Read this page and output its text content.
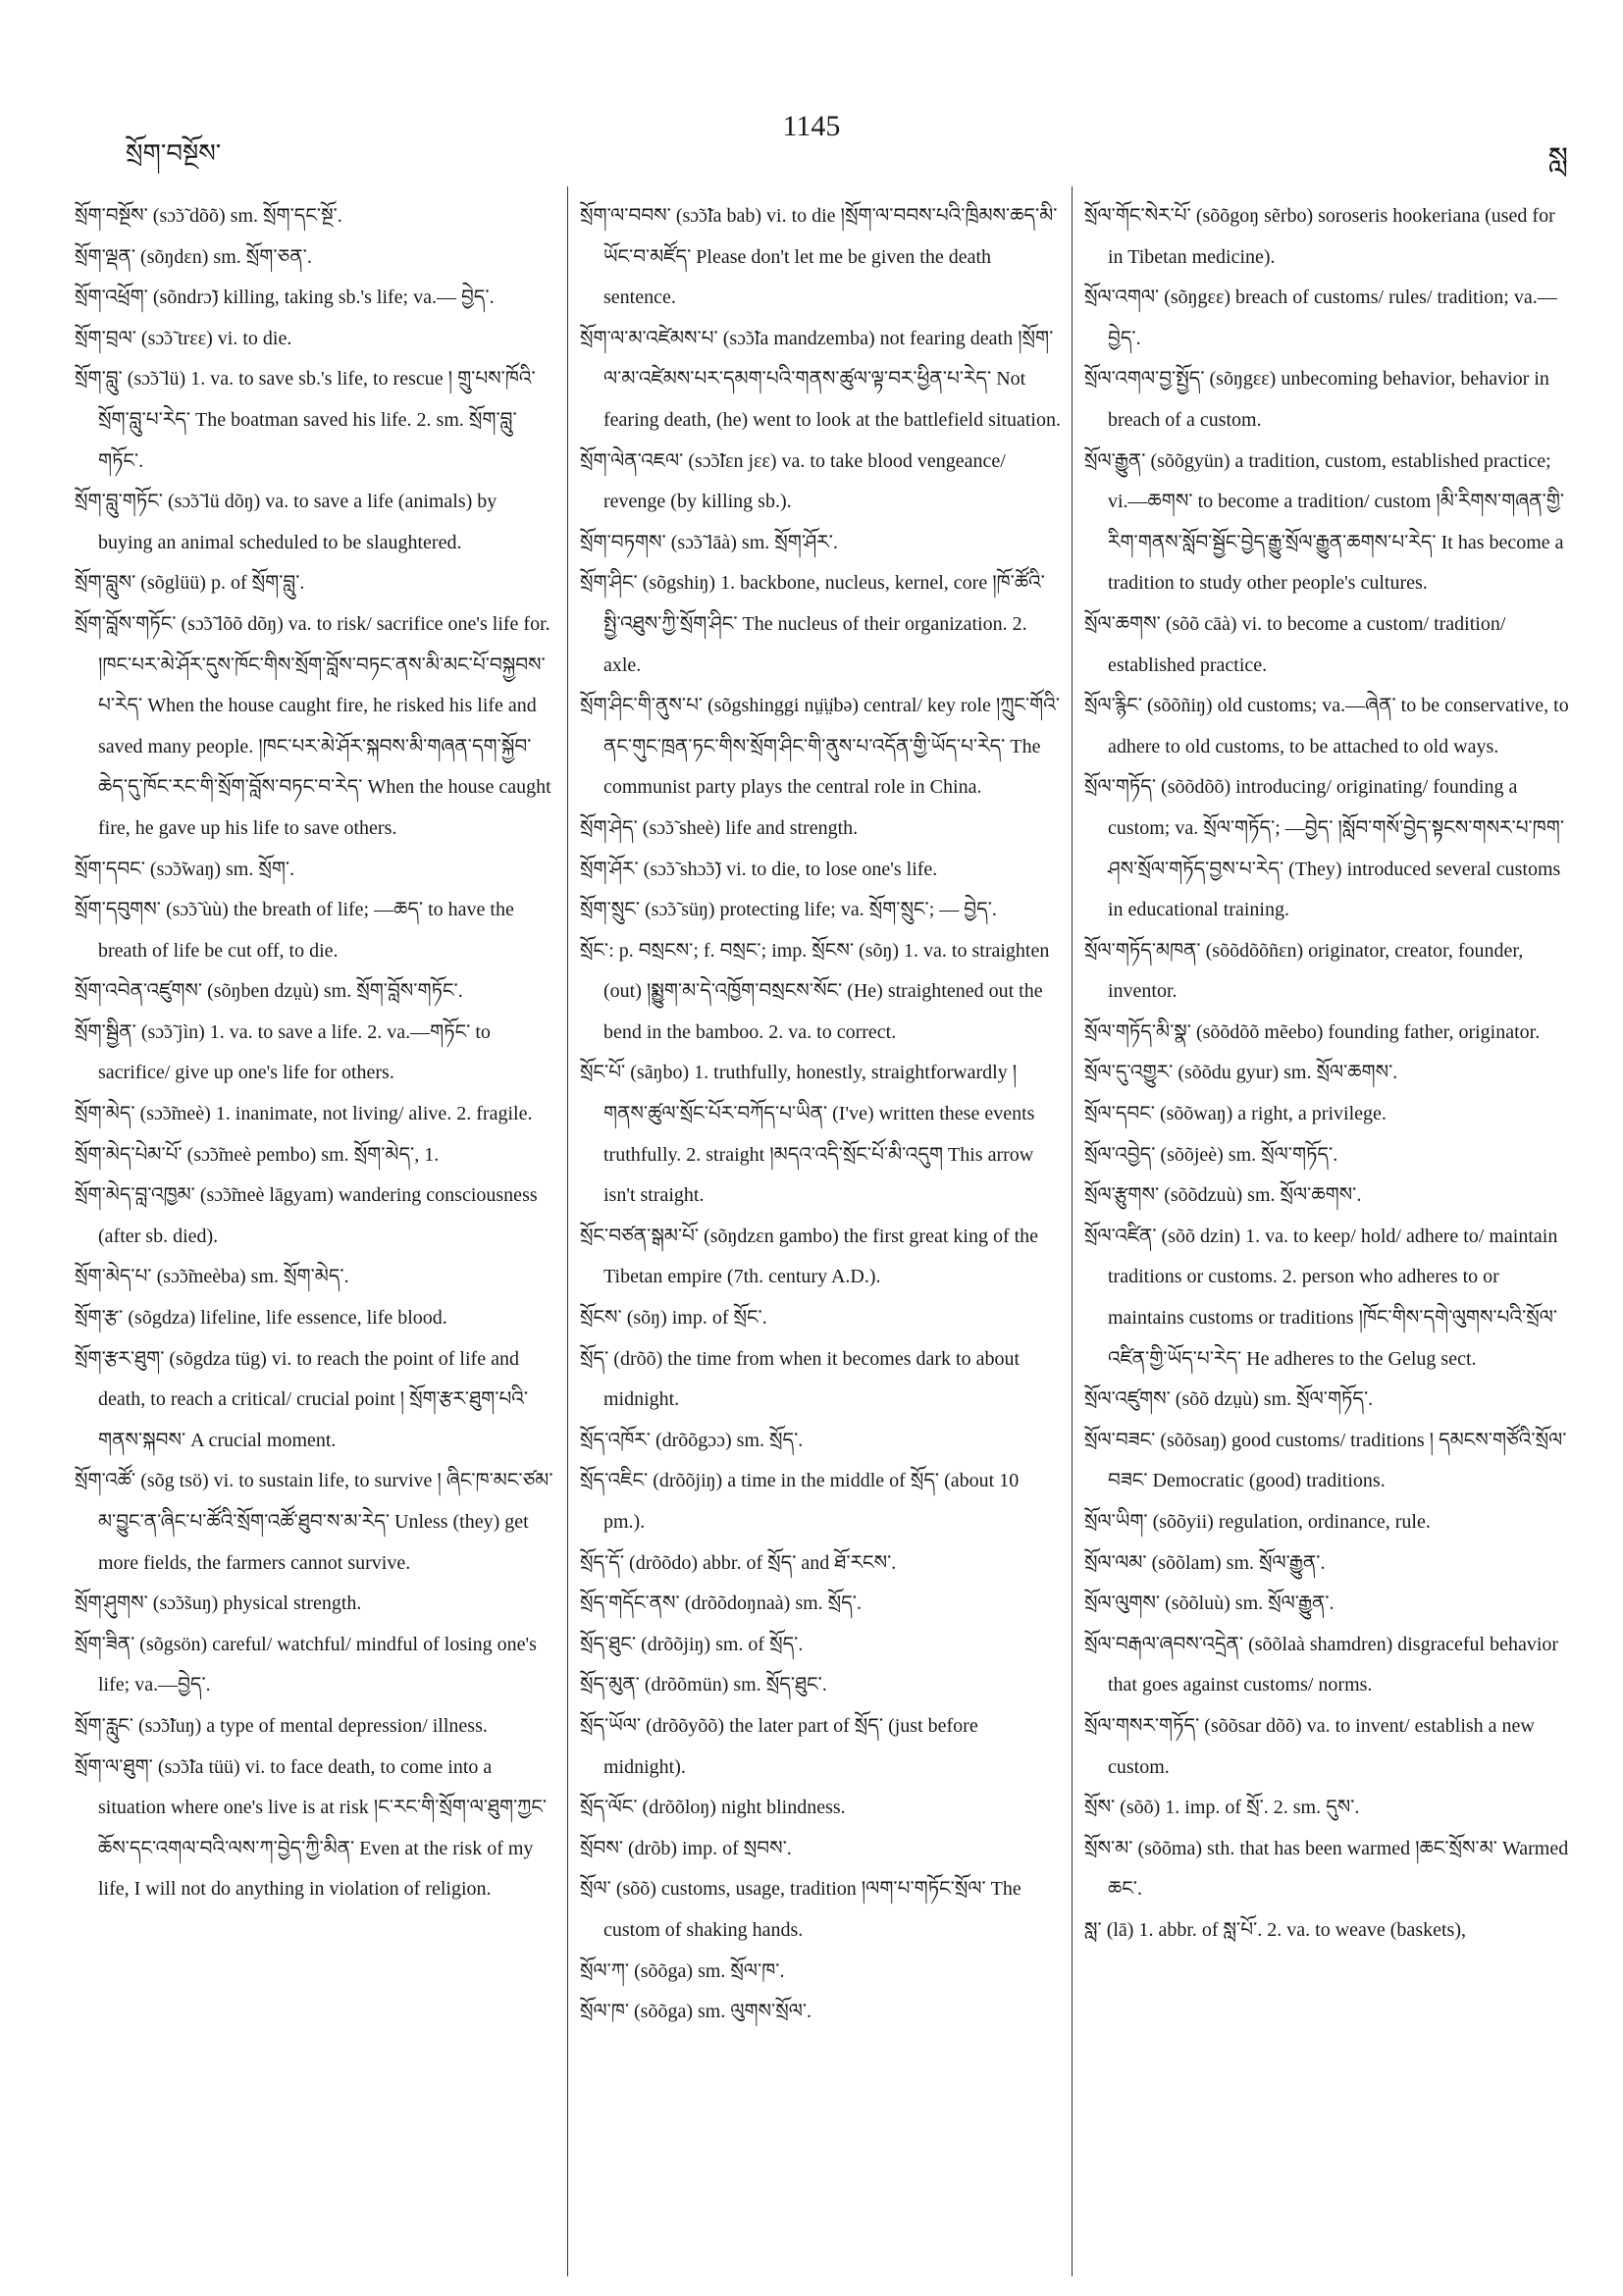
སྲོག་བསྔོས་
1145
སླ

སྲོག་བསྔོས་ (sɔ̃ɔ̃ dõõ) sm. སྲོག་དང་སྔོ་.

སྲོག་ལྡན་ (sõŋdɛn) sm. སྲོག་ཅན་.

སྲོག་འཕྲོག་ (sõndrɔ̃) killing, taking sb.'s life; va.— བྱེད་.

སྲོག་བྲལ་ (sɔ̃ɔ̃ trɛɛ) vi. to die.

སྲོག་བླུ་ (sɔ̃ɔ̃ lü) 1. va. to save sb.'s life, to rescue ། གྲུ་པས་ཁོའི་སྲོག་བླུ་པ་རེད་ The boatman saved his life. 2. sm. སྲོག་བླུ་གཏོང་.

སྲོག་བླུ་གཏོང་ (sɔ̃ɔ̃ lü dõŋ) va. to save a life (animals) by buying an animal scheduled to be slaughtered.

སྲོག་བླུས་ (sõglüü) p. of སྲོག་བླུ་.

སྲོག་བློས་གཏོང་ (sɔ̃ɔ̃ lõõ dõŋ) va. to risk/ sacrifice one's life for. །ཁང་པར་མེ་ཤོར་དུས་ཁོང་གིས་སྲོག་བློས་བཏང་ནས་མི་མང་པོ་བསྐྱབས་པ་རེད་ When the house caught fire, he risked his life and saved many people. །ཁང་པར་མེ་ཤོར་སྐབས་མི་གཞན་དག་སྐྱོབ་ཆེད་དུ་ཁོང་རང་གི་སྲོག་བློས་བཏང་བ་རེད་ When the house caught fire, he gave up his life to save others.

སྲོག་དབང་ (sɔ̃ɔ̃waŋ) sm. སྲོག་.

སྲོག་དབུགས་ (sɔ̃ɔ̃ ùù) the breath of life; —ཆད་ to have the breath of life be cut off, to die.

སྲོག་འབེན་འཛུགས་ (sõŋben dzṳù) sm. སྲོག་བློས་གཏོང་.

སྲོག་སྦྱིན་ (sɔ̃ɔ̃ jìn) 1. va. to save a life. 2. va.—གཏོང་ to sacrifice/ give up one's life for others.

སྲོག་མེད་ (sɔ̃ɔ̃meè) 1. inanimate, not living/ alive. 2. fragile.

སྲོག་མེད་པེམ་པོ་ (sɔ̃ɔ̃meè pembo) sm. སྲོག་མེད་, 1.

སྲོག་མེད་བླ་འཁྱམ་ (sɔ̃ɔ̃meè lāgyam) wandering consciousness (after sb. died).

སྲོག་མེད་པ་ (sɔ̃ɔ̃meèba) sm. སྲོག་མེད་.

སྲོག་རྩ་ (sõgdza) lifeline, life essence, life blood.

སྲོག་རྩར་ཐུག་ (sõgdza tüg) vi. to reach the point of life and death, to reach a critical/ crucial point ། སྲོག་རྩར་ཐུག་པའི་གནས་སྐབས་ A crucial moment.

སྲོག་འཚོ་ (sõg tsö) vi. to sustain life, to survive ། ཞིང་ཁ་མང་ཙམ་མ་བྱུང་ན་ཞིང་པ་ཚོའི་སྲོག་འཚོ་ཐུབ་ས་མ་རེད་ Unless (they) get more fields, the farmers cannot survive.

སྲོག་ཤུགས་ (sɔ̃ɔ̃suŋ) physical strength.

སྲོག་ཟིན་ (sõgsön) careful/ watchful/ mindful of losing one's life; va.—བྱེད་.

སྲོག་རླུང་ (sɔ̃ɔ̃luŋ) a type of mental depression/ illness.

སྲོག་ལ་ཐུག་ (sɔ̃ɔ̃la tüü) vi. to face death, to come into a situation where one's live is at risk །ང་རང་གི་སྲོག་ལ་ཐུག་ཀྱང་ཆོས་དང་འགལ་བའི་ལས་ཀ་བྱེད་ཀྱི་མིན་ Even at the risk of my life, I will not do anything in violation of religion.

སྲོག་ལ་བབས་ (sɔ̃ɔ̃la bab) vi. to die །སྲོག་ལ་བབས་པའི་ཁྲིམས་ཆད་མི་ཡོང་བ་མཛོད་ Please don't let me be given the death sentence.

སྲོག་ལ་མ་འཛེམས་པ་ (sɔ̃ɔ̃la mandzemba) not fearing death །སྲོག་ལ་མ་འཛེམས་པར་དམག་པའི་གནས་ཚུལ་ལྟ་བར་ཕྱིན་པ་རེད་ Not fearing death, (he) went to look at the battlefield situation.

སྲོག་ལེན་འཇལ་ (sɔ̃ɔ̃lɛn jɛɛ) va. to take blood vengeance/ revenge (by killing sb.).

སྲོག་བཏགས་ (sɔ̃ɔ̃ lāà) sm. སྲོག་ཤོར་.

སྲོག་ཤིང་ (sõgshiŋ) 1. backbone, nucleus, kernel, core །ཁོ་ཚོའི་སྤྱི་འཐུས་ཀྱི་སྲོག་ཤིང་ The nucleus of their organization. 2. axle.

སྲོག་ཤིང་གི་ནུས་པ་ (sõgshinggi nṳ̈ṳ̈bə) central/ key role །ཀྲུང་གོའི་ནང་གུང་ཁྲན་ཏང་གིས་སྲོག་ཤིང་གི་ནུས་པ་འདོན་གྱི་ཡོད་པ་རེད་ The communist party plays the central role in China.

སྲོག་ཤེད་ (sɔ̃ɔ̃ sheè) life and strength.

སྲོག་ཤོར་ (sɔ̃ɔ̃ shɔ̃ɔ̃) vi. to die, to lose one's life.

སྲོག་སྲུང་ (sɔ̃ɔ̃ süŋ) protecting life; va. སྲོག་སྲུང་; — བྱེད་.

སྲོང་: p. བསྲངས་; f. བསྲང་; imp. སྲོངས་ (sõŋ) 1. va. to straighten (out) །སྨྱུག་མ་དེ་འཁྱོག་བསྲངས་སོང་ (He) straightened out the bend in the bamboo. 2. va. to correct.

སྲོང་པོ་ (sãŋbo) 1. truthfully, honestly, straightforwardly །གནས་ཚུལ་སྲོང་པོར་བཀོད་པ་ཡིན་ (I've) written these events truthfully. 2. straight །མདའ་འདི་སྲོང་པོ་མི་འདུག This arrow isn't straight.

སྲོང་བཙན་སྒམ་པོ་ (sõŋdzɛn gambo) the first great king of the Tibetan empire (7th. century A.D.).

སྲོངས་ (sõŋ) imp. of སྲོང་.

སྲོད་ (drõõ) the time from when it becomes dark to about midnight.

སྲོད་འཁོར་ (drõõgɔɔ) sm. སྲོད་.

སྲོད་འཇིང་ (drõõjiŋ) a time in the middle of སྲོད་ (about 10 pm.).

སྲོད་དོ་ (drõõdo) abbr. of སྲོད་ and ཐོ་རངས་.

སྲོད་གདོང་ནས་ (drõõdoŋnaà) sm. སྲོད་.

སྲོད་ཐུང་ (drõõjiŋ) sm. of སྲོད་.

སྲོད་མུན་ (drõõmün) sm. སྲོད་ཐུང་.

སྲོད་ཡོལ་ (drõõyõõ) the later part of སྲོད་ (just before midnight).

སྲོད་ལོང་ (drõõloŋ) night blindness.

སྲོབས་ (drõb) imp. of སྲབས་.

སྲོལ་ (sõõ) customs, usage, tradition །ལག་པ་གཏོང་སྲོལ་ The custom of shaking hands.

སྲོལ་ཀ་ (sõõga) sm. སྲོལ་ཁ་.

སྲོལ་ཁ་ (sõõga) sm. ལུགས་སྲོལ་.

སྲོལ་གོང་སེར་པོ་ (sõõgoŋ sẽrbo) soroseris hookeriana (used for in Tibetan medicine).

སྲོལ་འགལ་ (sõŋgɛɛ) breach of customs/ rules/ tradition; va.—བྱེད་.

སྲོལ་འགལ་བྱ་སྤྱོད་ (sõŋgɛɛ) unbecoming behavior, behavior in breach of a custom.

སྲོལ་རྒྱུན་ (sõõgyün) a tradition, custom, established practice; vi.—ཆགས་ to become a tradition/ custom །མི་རིགས་གཞན་གྱི་རིག་གནས་སློབ་སྦྱོང་བྱེད་རྒྱུ་སྲོལ་རྒྱུན་ཆགས་པ་རེད་ It has become a tradition to study other people's cultures.

སྲོལ་ཆགས་ (sõõ cāà) vi. to become a custom/ tradition/ established practice.

སྲོལ་རྙིང་ (sõõñiŋ) old customs; va.—ཞེན་ to be conservative, to adhere to old customs, to be attached to old ways.

སྲོལ་གཏོད་ (sõõdõõ) introducing/ originating/ founding a custom; va. སྲོལ་གཏོད་; —བྱེད་ །སློབ་གསོ་བྱེད་སྟངས་གསར་པ་ཁག་ཤས་སྲོལ་གཏོད་བྱས་པ་རེད་ (They) introduced several customs in educational training.

སྲོལ་གཏོད་མཁན་ (sõõdõõñɛn) originator, creator, founder, inventor.

སྲོལ་གཏོད་མི་སྣ་ (sõõdõõ mẽebo) founding father, originator.

སྲོལ་དུ་འགྱུར་ (sõõdu gyur) sm. སྲོལ་ཆགས་.

སྲོལ་དབང་ (sõõwaŋ) a right, a privilege.

སྲོལ་འབྱེད་ (sõõjeè) sm. སྲོལ་གཏོད་.

སྲོལ་རྩུགས་ (sõõdzuù) sm. སྲོལ་ཆགས་.

སྲོལ་འཛིན་ (sõõ dzin) 1. va. to keep/ hold/ adhere to/ maintain traditions or customs. 2. person who adheres to or maintains customs or traditions །ཁོང་གིས་དགེ་ལུགས་པའི་སྲོལ་འཛིན་གྱི་ཡོད་པ་རེད་ He adheres to the Gelug sect.

སྲོལ་འཛུགས་ (sõõ dzṳù) sm. སྲོལ་གཏོད་.

སྲོལ་བཟང་ (sõõsaŋ) good customs/ traditions ། དམངས་གཙོའི་སྲོལ་བཟང་ Democratic (good) traditions.

སྲོལ་ཡིག་ (sõõyii) regulation, ordinance, rule.

སྲོལ་ལམ་ (sõõlam) sm. སྲོལ་རྒྱུན་.

སྲོལ་ལུགས་ (sõõluù) sm. སྲོལ་རྒྱུན་.

སྲོལ་བརྒལ་ཞབས་འདྲེན་ (sõõlaà shamdren) disgraceful behavior that goes against customs/ norms.

སྲོལ་གསར་གཏོད་ (sõõsar dõõ) va. to invent/ establish a new custom.

སྲོས་ (sõõ) 1. imp. of སྲོ་. 2. sm. དུས་.

སྲོས་མ་ (sõõma) sth. that has been warmed །ཆང་སྲོས་མ་ Warmed ཆང་.

སླ་ (lā) 1. abbr. of སླ་པོ་. 2. va. to weave (baskets),
